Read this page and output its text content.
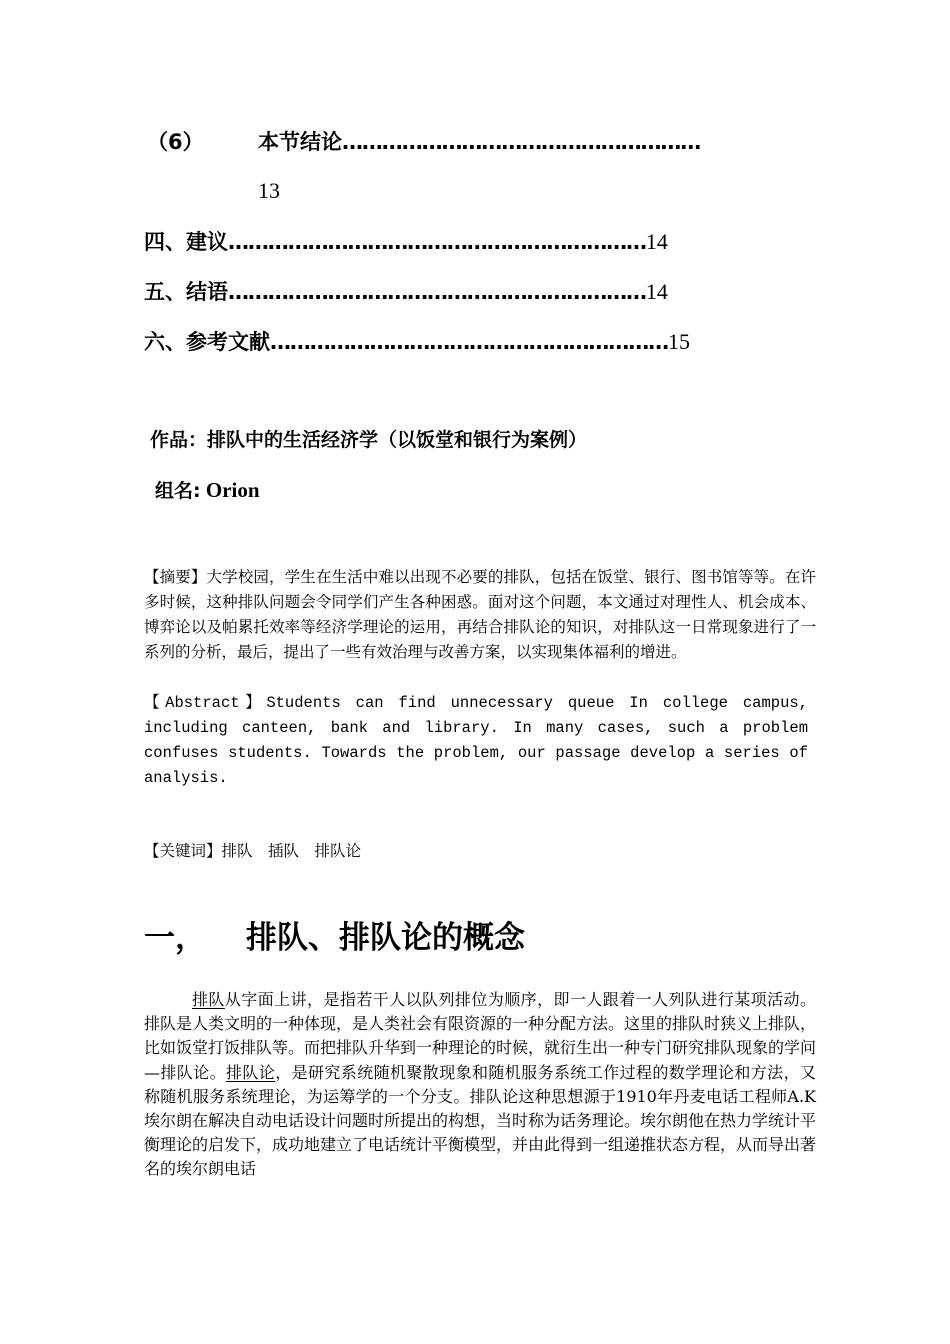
（6）	本节结论………………………………………………
13
四、建议………………………………………………………14
五、结语………………………………………………………14
六、参考文献……………………………………………………15
作品：排队中的生活经济学（以饭堂和银行为案例）
组名: Orion
【摘要】大学校园，学生在生活中难以出现不必要的排队，包括在饭堂、银行、图书馆等等。在许多时候，这种排队问题会令同学们产生各种困惑。面对这个问题，本文通过对理性人、机会成本、博弈论以及帕累托效率等经济学理论的运用，再结合排队论的知识，对排队这一日常现象进行了一系列的分析，最后，提出了一些有效治理与改善方案，以实现集体福利的增进。
【Abstract】Students can find unnecessary queue In college campus, including canteen, bank and library. In many cases, such a problem confuses students. Towards the problem, our passage develop a series of analysis.
【关键词】排队　插队　排队论
一， 排队、排队论的概念
排队从字面上讲，是指若干人以队列排位为顺序，即一人跟着一人列队进行某项活动。排队是人类文明的一种体现，是人类社会有限资源的一种分配方法。这里的排队时狭义上排队，比如饭堂打饭排队等。而把排队升华到一种理论的时候，就衍生出一种专门研究排队现象的学问—排队论。排队论，是研究系统随机聚散现象和随机服务系统工作过程的数学理论和方法，又称随机服务系统理论，为运筹学的一个分支。排队论这种思想源于1910年丹麦电话工程师A.K埃尔朗在解决自动电话设计问题时所提出的构想，当时称为话务理论。埃尔朗他在热力学统计平衡理论的启发下，成功地建立了电话统计平衡模型，并由此得到一组递推状态方程，从而导出著名的埃尔朗电话
